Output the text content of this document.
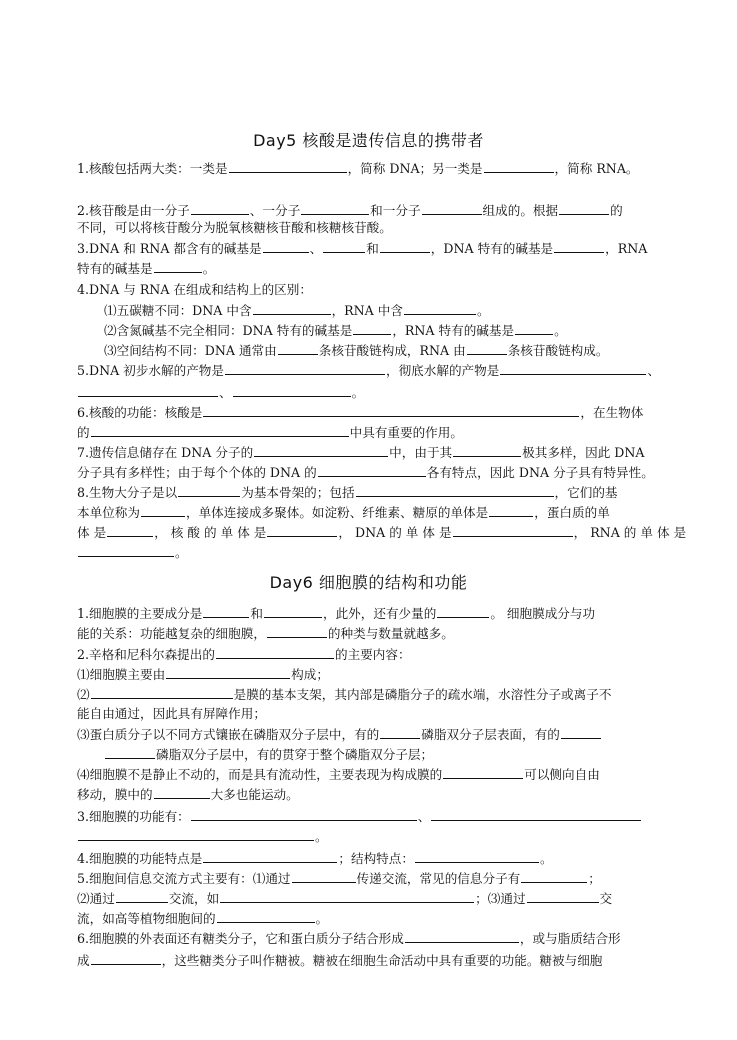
Day5 核酸是遗传信息的携带者
Day6 细胞膜的结构和功能
1.核酸包括两大类：一类是	，简称 DNA；另一类是	，简称 RNA。
2.核苷酸是由一分子	、一分子	和一分子	组成的。根据	的
不同，可以将核苷酸分为脱氧核糖核苷酸和核糖核苷酸。
3.DNA 和 RNA 都含有的碱基是	、	和	，DNA 特有的碱基是	，RNA
特有的碱基是	。
4.DNA 与 RNA 在组成和结构上的区别：
⑴五碳糖不同：DNA 中含	，RNA 中含	。
⑵含氮碱基不完全相同：DNA 特有的碱基是	，RNA 特有的碱基是	。
⑶空间结构不同：DNA 通常由	条核苷酸链构成，RNA 由	条核苷酸链构成。
5.DNA 初步水解的产物是	，彻底水解的产物是	、
、	。
6.核酸的功能：核酸是	，在生物体
的	中具有重要的作用。
7.遗传信息储存在 DNA 分子的	中，由于其	极其多样，因此 DNA
分子具有多样性；由于每个个体的 DNA 的	各有特点，因此 DNA 分子具有特异性。
8.生物大分子是以	为基本骨架的；包括	，它们的基
本单位称为	，单体连接成多聚体。如淀粉、纤维素、糖原的单体是	，蛋白质的单
体 是	， 核 酸 的 单 体 是	， DNA 的 单 体 是	， RNA 的 单 体 是
。
1.细胞膜的主要成分是	和	，此外，还有少量的	。 细胞膜成分与功
能的关系：功能越复杂的细胞膜，	的种类与数量就越多。
2.辛格和尼科尔森提出的	的主要内容：
⑴细胞膜主要由	构成；
⑵	是膜的基本支架，其内部是磷脂分子的疏水端，水溶性分子或离子不
能自由通过，因此具有屏障作用；
⑶蛋白质分子以不同方式镶嵌在磷脂双分子层中，有的	磷脂双分子层表面，有的
磷脂双分子层中，有的贯穿于整个磷脂双分子层；
⑷细胞膜不是静止不动的，而是具有流动性，主要表现为构成膜的	可以侧向自由
移动，膜中的	大多也能运动。
3.细胞膜的功能有：	、
。
4.细胞膜的功能特点是	；结构特点：	。
5.细胞间信息交流方式主要有：⑴通过	传递交流，常见的信息分子有	；
⑵通过	交流，如	；⑶通过	交
流，如高等植物细胞间的	。
6.细胞膜的外表面还有糖类分子，它和蛋白质分子结合形成	，或与脂质结合形
成	，这些糖类分子叫作糖被。糖被在细胞生命活动中具有重要的功能。糖被与细胞
